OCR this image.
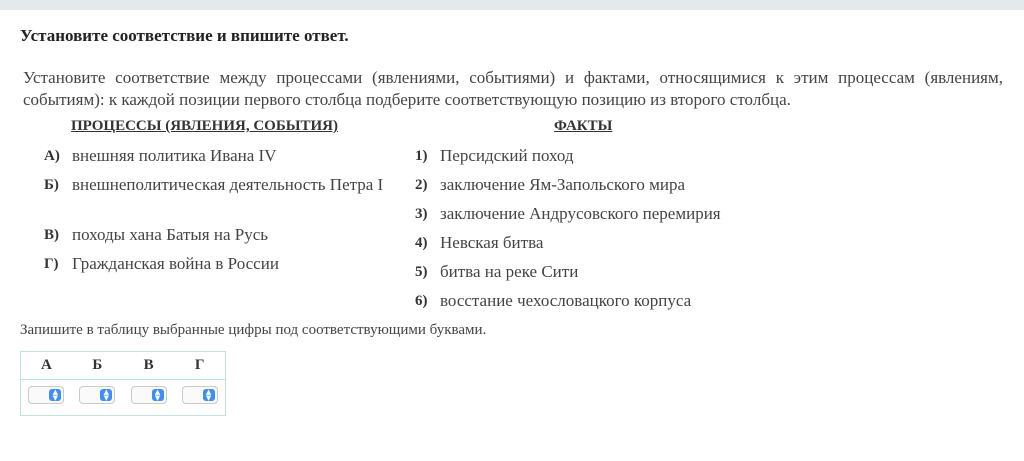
Установите соответствие и впишите ответ.
Установите соответствие между процессами (явлениями, событиями) и фактами, относящимися к этим процессам (явлениям, событиям): к каждой позиции первого столбца подберите соответствующую позицию из второго столбца.
ПРОЦЕССЫ (ЯВЛЕНИЯ, СОБЫТИЯ)	ФАКТЫ
А) внешняя политика Ивана IV
Б) внешнеполитическая деятельность Петра I
В) походы хана Батыя на Русь
Г) Гражданская война в России
1) Персидский поход
2) заключение Ям-Запольского мира
3) заключение Андрусовского перемирия
4) Невская битва
5) битва на реке Сити
6) восстание чехословацкого корпуса
Запишите в таблицу выбранные цифры под соответствующими буквами.
А	Б	В	Г

▲
▼	▲
▼	▲
▼	▲
▼
